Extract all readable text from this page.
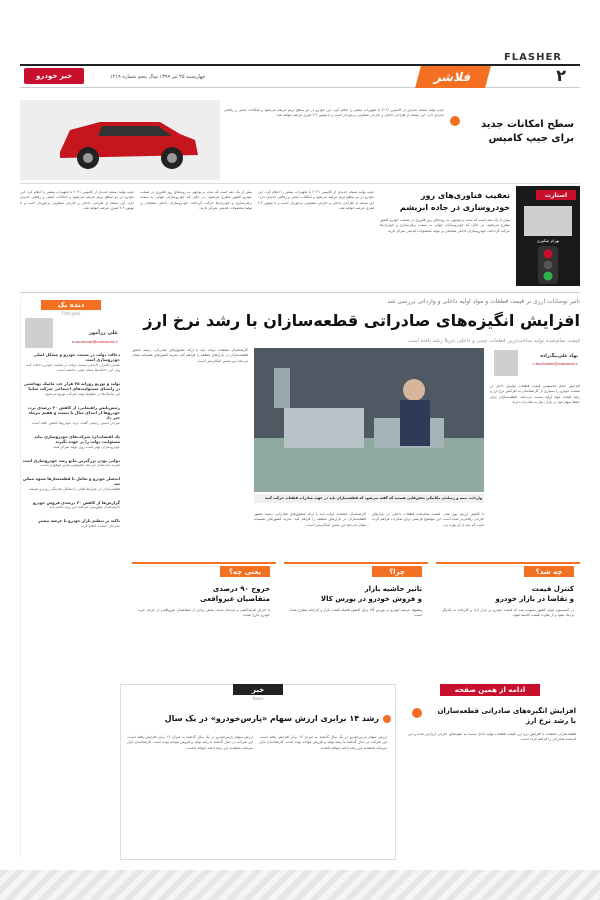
FLASHER
۲
فلاشر
چهارشنبه ۲۵ تیر ۱۳۹۹ سال پنجم شماره ۱۲۱۹
خبر خودرو
سطح امکانات جدید
برای جیپ کامپس
جیپ تولید نسخه جدیدی از کامپس ۲۰۲۱ با تجهیزات بیشتر را اعلام کرد. این خودرو در دو سطح تریم عرضه می‌شود و امکانات ایمنی و رفاهی جدیدی دارد. این نسخه از طراحی داخلی و خارجی متفاوتی برخوردار است و با موتور ۲.۴ لیتری عرضه خواهد شد.
استارت
بهرام شکوری
تعقیب فناوری‌های روز
خودروسازی در جاده ابریشم
بیش از یک دهه است که بحث بی‌توجهی به روندهای روز فناوری در صنعت خودرو کشور مطرح می‌شود. در حالی که خودروسازان جهانی به سمت برقی‌سازی و خودران‌ها حرکت کرده‌اند، خودروسازان داخلی همچنان بر تولید محصولات قدیمی تمرکز دارند.
جیپ تولید نسخه جدیدی از کامپس ۲۰۲۱ با تجهیزات بیشتر را اعلام کرد. این خودرو در دو سطح تریم عرضه می‌شود و امکانات ایمنی و رفاهی جدیدی دارد. این نسخه از طراحی داخلی و خارجی متفاوتی برخوردار است و با موتور ۲.۴ لیتری عرضه خواهد شد.
بیش از یک دهه است که بحث بی‌توجهی به روندهای روز فناوری در صنعت خودرو کشور مطرح می‌شود. در حالی که خودروسازان جهانی به سمت برقی‌سازی و خودران‌ها حرکت کرده‌اند، خودروسازان داخلی همچنان بر تولید محصولات قدیمی تمرکز دارند.
جیپ تولید نسخه جدیدی از کامپس ۲۰۲۱ با تجهیزات بیشتر را اعلام کرد. این خودرو در دو سطح تریم عرضه می‌شود و امکانات ایمنی و رفاهی جدیدی دارد. این نسخه از طراحی داخلی و خارجی متفاوتی برخوردار است و با موتور ۲.۴ لیتری عرضه خواهد شد.
دنده یک
First gear
علی زرآموز
a.zaramooz@autoworld.ir
دخالت دولت در صنعت خودرو و مشکل اصلی خودروسازی است
عباس جانبزار: الزامی نیست دولت در صنعت خودرو دخالت کند، ولی این دخالت‌ها نتیجه خوبی نداشته است.
تولید و توزیع روزانه ۲۵ هزار عدد ماسک بهداشتی در راستای مسئولیت‌های اجتماعی شرکت سایپا
این ماسک‌ها در خطوط تولید شرکت توزیع می‌شود.
رئیس‌پلیس راهنمایی: از کاهش ۴۰ درصدی تردد خودروها از ابتدای سال تا بیست و هفتم تیرماه خبر داد
سردار حسین رحیمی گفت: تردد خودروها کاهش یافته است.
یک اقتصاددان: شرکت‌های خودروسازی نباید مسئولیت دولت را بر عهده بگیرند
خودروسازان بهتر است روی تولید تمرکز کنند.
دولتی بودن بزرگترین مانع رشد خودروسازی است
تجربه دنیا نشان می‌دهد خصوصی‌سازی موفق‌تر است.
انحصار خودرو و تعامل با قطعه‌سازها شیوه ممکن شد
قطعه‌سازان در شرایط فعلی با مشکل نقدینگی روبه‌رو هستند.
گزارش‌ها از کاهش ۳۰ درصدی فروش خودرو
کارشناسان پیش‌بینی می‌کنند این روند ادامه یابد.
تاکید بر تنظیم بازار خودرو با عرضه بیشتر
سازمان حمایت اعلام کرد.
تاثیر نوسانات ارزی بر قیمت قطعات و مواد اولیه داخلی و وارداتی بررسی شد
افزایش انگیزه‌های صادراتی قطعه‌سازان با رشد نرخ ارز
قیمت تمام‌شده تولید ساخت‌ترین قطعات چینی و داخلی تنزیلا رشد یافته است
نهاد علی‌بیگ‌زاده
n.beykzadeh@autoworld.ir
افزایش حجم محسوس قیمت قطعات تولیدی داخل در صنعت خودرو را بسیاری از کارشناسان به افزایش نرخ ارز و رشد قیمت مواد اولیه نسبت می‌دهند. قطعه‌سازان برای حفظ سهم خود در بازار، نیاز به صادرات دارند.
واردات، بیمه و رساندن مکانیکی بخش‌هایی هستند که گفته می‌شود که قطعه‌سازان باید در جهت صادرات قطعات حرکت کنند
با کاهش ارزش پول ملی، قیمت تمام‌شده قطعات داخلی در بازارهای خارجی رقابتی‌تر شده است. این موضوع فرصتی برای صادرات فراهم کرده است که باید از آن بهره برد.
کارشناسان معتقدند دولت باید با ارائه مشوق‌های صادراتی، زمینه حضور قطعه‌سازان در بازارهای منطقه را فراهم کند. تجربه کشورهای همسایه نشان می‌دهد این مسیر امکان‌پذیر است.
کارشناسان معتقدند دولت باید با ارائه مشوق‌های صادراتی، زمینه حضور قطعه‌سازان در بازارهای منطقه را فراهم کند. تجربه کشورهای همسایه نشان می‌دهد این مسیر امکان‌پذیر است.
چه شد؟
کنترل قیمت
و تقاضا در بازار خودرو
در کمیسیون تولید کشور تصویب شد که قیمت خودرو در بازار آزاد و کارخانه به یکدیگر نزدیک شود و از تفاوت قیمت کاسته شود.
چرا؟
تاثیر حاشیه بازار
و فروش خودرو در بورس کالا
پیشنهاد عرضه خودرو در بورس کالا برای کاهش فاصله قیمت بازار و کارخانه مطرح شده است.
یعنی چه؟
خروج ۹۰ درصدی
متقاضیان غیرواقعی
با اجرای قرعه‌کشی و ثبت‌نام جدید، بخش زیادی از متقاضیان غیرواقعی از چرخه خرید خودرو خارج شدند.
ادامه از همین صفحه
افزایش انگیزه‌های صادراتی قطعه‌سازان
با رشد نرخ ارز
قطعه‌سازان معتقدند با افزایش نرخ ارز، قیمت قطعات تولید داخل نسبت به نمونه‌های خارجی ارزان‌تر شده و این فرصت صادراتی را فراهم کرده است.
خبر
News
رشد ۱۴ برابری ارزش سهام «پارس‌خودرو» در یک سال
ارزش سهام پارس‌خودرو در یک سال گذشته به میزان ۱۴ برابر افزایش یافته است. این شرکت در سال گذشته با رشد تولید و فروش مواجه بوده است. کارشناسان بازار سرمایه معتقدند این رشد ادامه خواهد داشت.
ارزش سهام پارس‌خودرو در یک سال گذشته به میزان ۱۴ برابر افزایش یافته است. این شرکت در سال گذشته با رشد تولید و فروش مواجه بوده است. کارشناسان بازار سرمایه معتقدند این رشد ادامه خواهد داشت.
